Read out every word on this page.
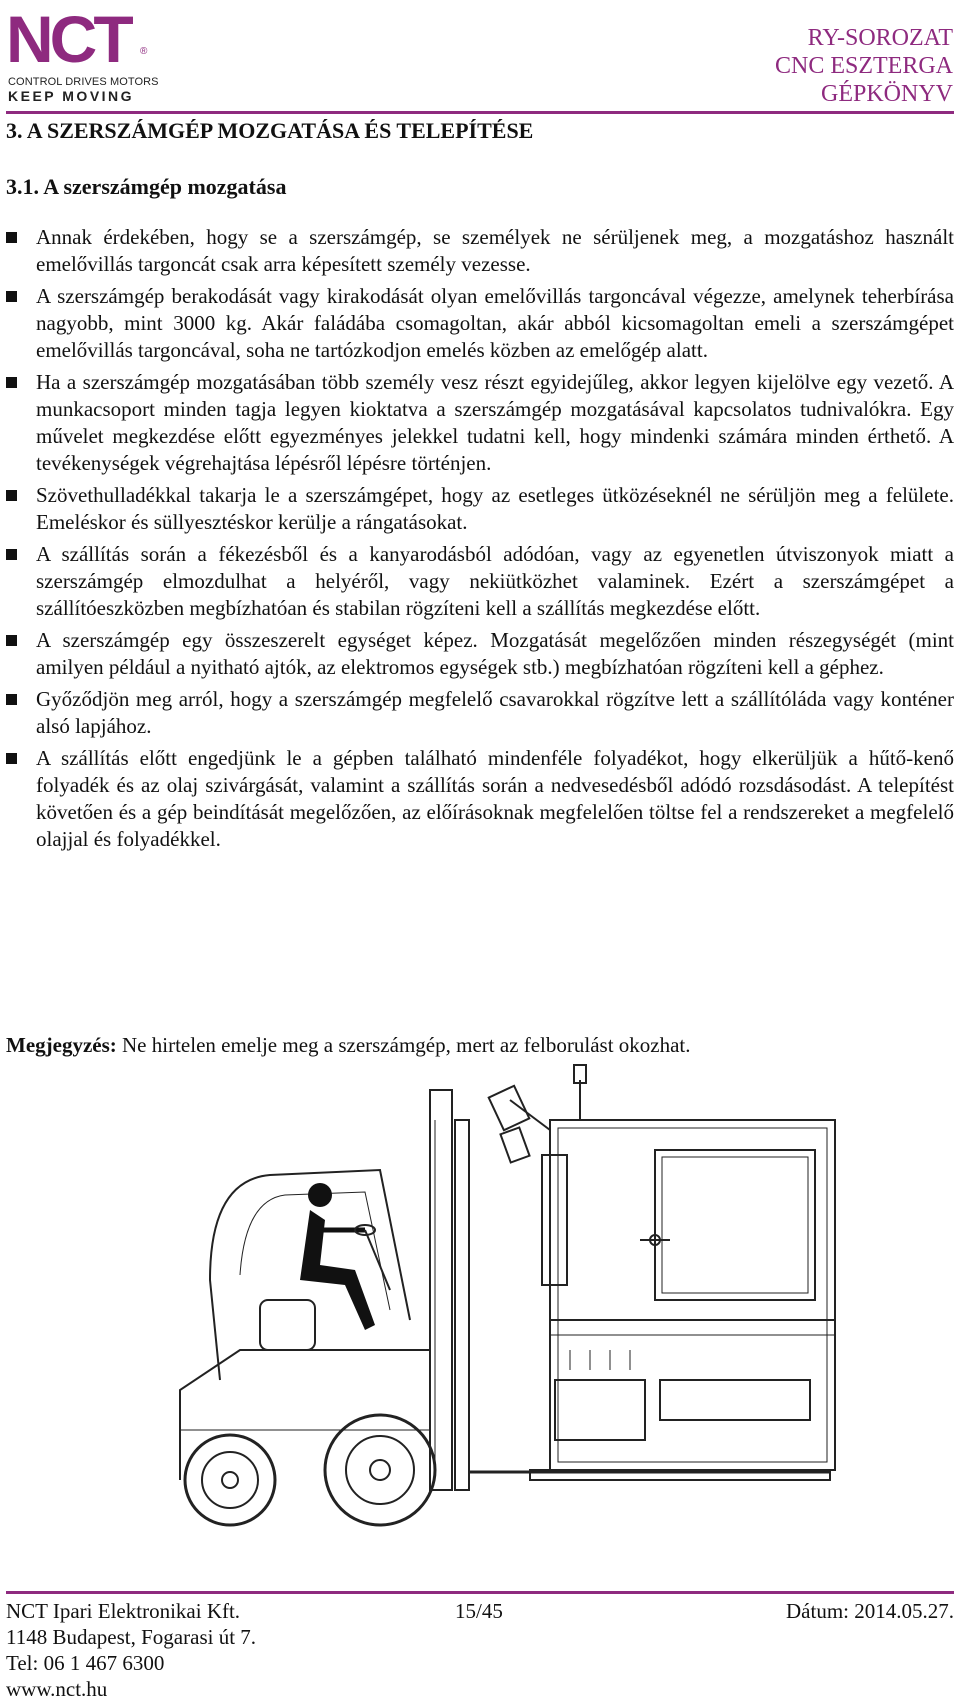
NCT ®
CONTROL DRIVES MOTORS
KEEP MOVING
RY-SOROZAT
CNC ESZTERGA
GÉPKÖNYV
3. A SZERSZÁMGÉP MOZGATÁSA ÉS TELEPÍTÉSE
3.1. A szerszámgép mozgatása
Annak érdekében, hogy se a szerszámgép, se személyek ne sérüljenek meg, a mozgatáshoz használt emelővillás targoncát csak arra képesített személy vezesse.
A szerszámgép berakodását vagy kirakodását olyan emelővillás targoncával végezze, amelynek teherbírása nagyobb, mint 3000 kg. Akár faládába csomagoltan, akár abból kicsomagoltan emeli a szerszámgépet emelővillás targoncával, soha ne tartózkodjon emelés közben az emelőgép alatt.
Ha a szerszámgép mozgatásában több személy vesz részt egyidejűleg, akkor legyen kijelölve egy vezető. A munkacsoport minden tagja legyen kioktatva a szerszámgép mozgatásával kapcsolatos tudnivalókra. Egy művelet megkezdése előtt egyezményes jelekkel tudatni kell, hogy mindenki számára minden érthető. A tevékenységek végrehajtása lépésről lépésre történjen.
Szövethulladékkal takarja le a szerszámgépet, hogy az esetleges ütközéseknél ne sérüljön meg a felülete. Emeléskor és süllyesztéskor kerülje a rángatásokat.
A szállítás során a fékezésből és a kanyarodásból adódóan, vagy az egyenetlen útviszonyok miatt a szerszámgép elmozdulhat a helyéről, vagy nekiütközhet valaminek. Ezért a szerszámgépet a szállítóeszközben megbízhatóan és stabilan rögzíteni kell a szállítás megkezdése előtt.
A szerszámgép egy összeszerelt egységet képez. Mozgatását megelőzően minden részegységét (mint amilyen például a nyitható ajtók, az elektromos egységek stb.) megbízhatóan rögzíteni kell a géphez.
Győződjön meg arról, hogy a szerszámgép megfelelő csavarokkal rögzítve lett a szállítóláda vagy konténer alsó lapjához.
A szállítás előtt engedjünk le a gépben található mindenféle folyadékot, hogy elkerüljük a hűtő-kenő folyadék és az olaj szivárgását, valamint a szállítás során a nedvesedésből adódó rozsdásodást. A telepítést követően és a gép beindítását megelőzően, az előírásoknak megfelelően töltse fel a rendszereket a megfelelő olajjal és folyadékkel.
Megjegyzés: Ne hirtelen emelje meg a szerszámgép, mert az felborulást okozhat.
NCT Ipari Elektronikai Kft.	15/45	Dátum: 2014.05.27.
1148 Budapest, Fogarasi út 7.
Tel: 06 1 467 6300
www.nct.hu
